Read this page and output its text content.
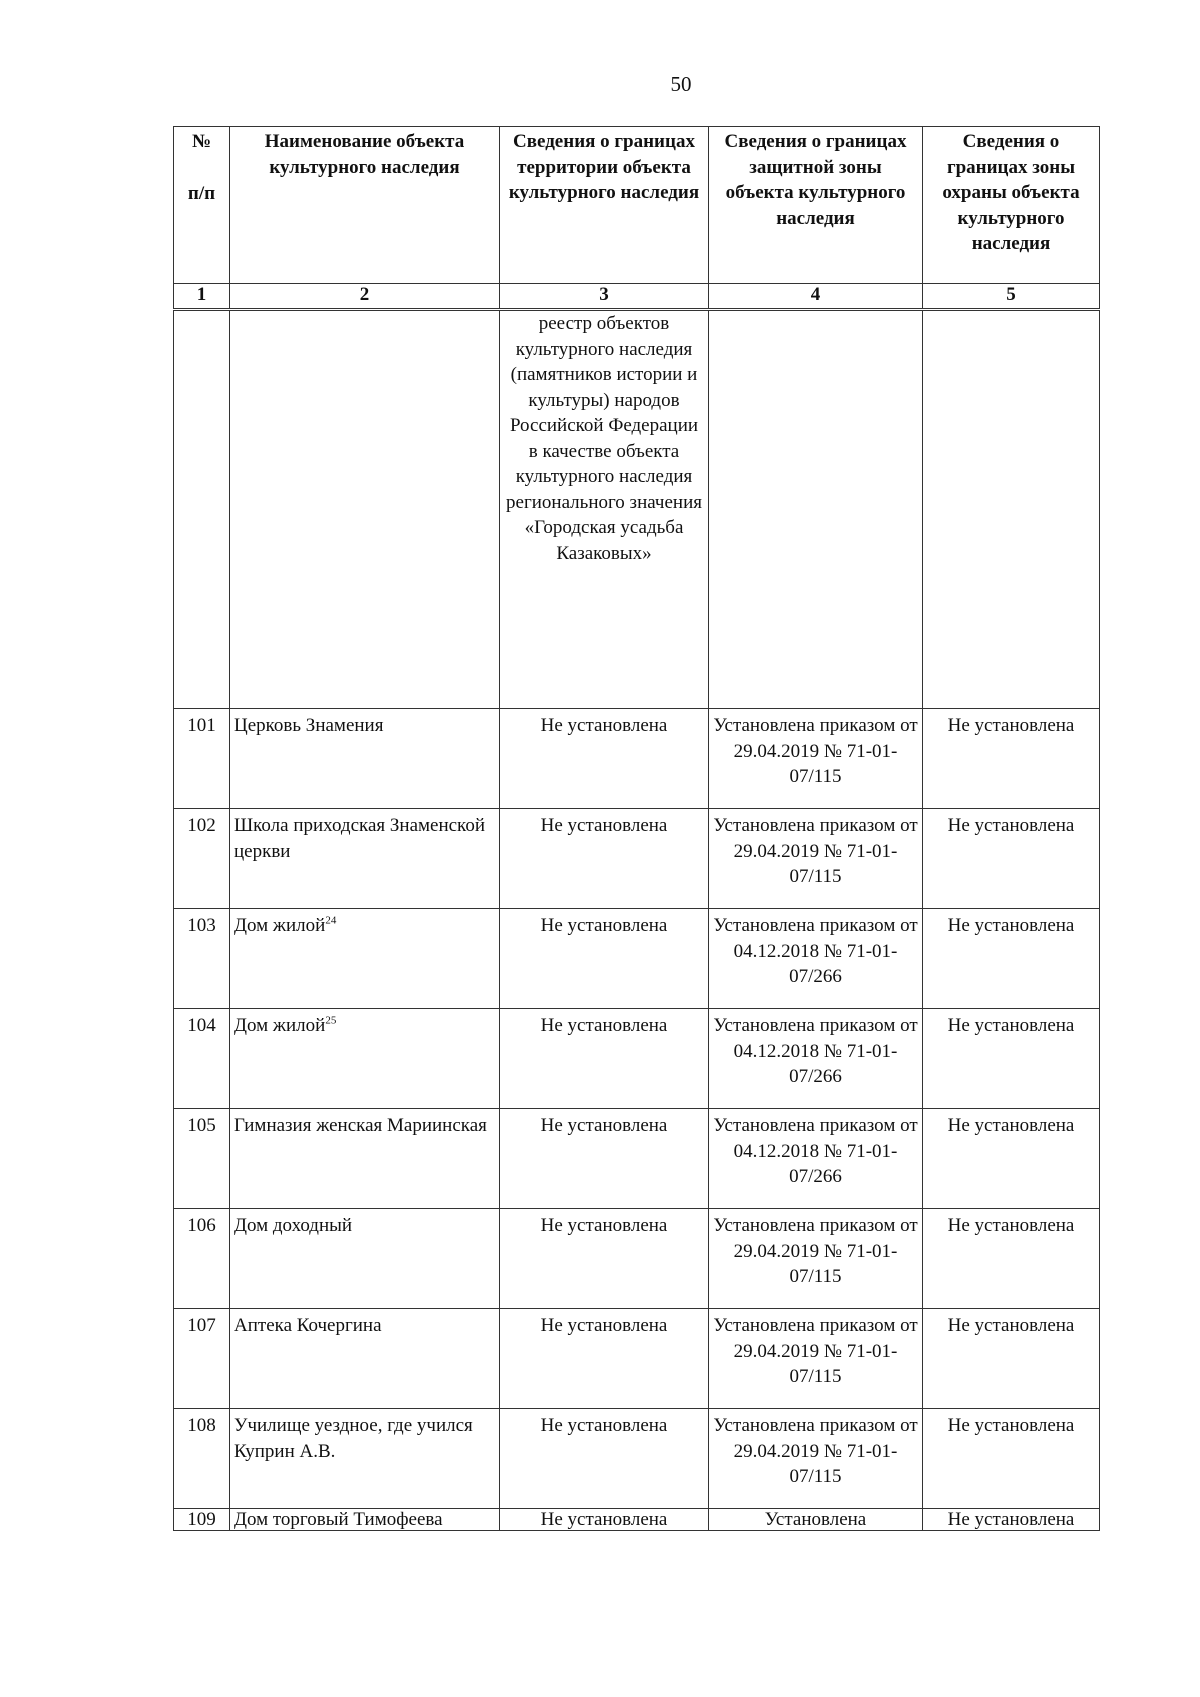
50
№
п/п	Наименование объекта культурного наследия	Сведения о границах территории объекта культурного наследия	Сведения о границах защитной зоны объекта культурного наследия	Сведения о границах зоны охраны объекта культурного наследия
1	2	3	4	5
		реестр объектов культурного наследия (памятников истории и культуры) народов Российской Федерации в качестве объекта культурного наследия регионального значения «Городская усадьба Казаковых»		
101	Церковь Знамения	Не установлена	Установлена приказом от 29.04.2019 № 71-01-07/115	Не установлена
102	Школа приходская Знаменской церкви	Не установлена	Установлена приказом от 29.04.2019 № 71-01-07/115	Не установлена
103	Дом жилой$^{24}$	Не установлена	Установлена приказом от 04.12.2018 № 71-01-07/266	Не установлена
104	Дом жилой$^{25}$	Не установлена	Установлена приказом от 04.12.2018 № 71-01-07/266	Не установлена
105	Гимназия женская Мариинская	Не установлена	Установлена приказом от 04.12.2018 № 71-01-07/266	Не установлена
106	Дом доходный	Не установлена	Установлена приказом от 29.04.2019 № 71-01-07/115	Не установлена
107	Аптека Кочергина	Не установлена	Установлена приказом от 29.04.2019 № 71-01-07/115	Не установлена
108	Училище уездное, где учился Куприн А.В.	Не установлена	Установлена приказом от 29.04.2019 № 71-01-07/115	Не установлена
109	Дом торговый Тимофеева	Не установлена	Установлена	Не установлена
